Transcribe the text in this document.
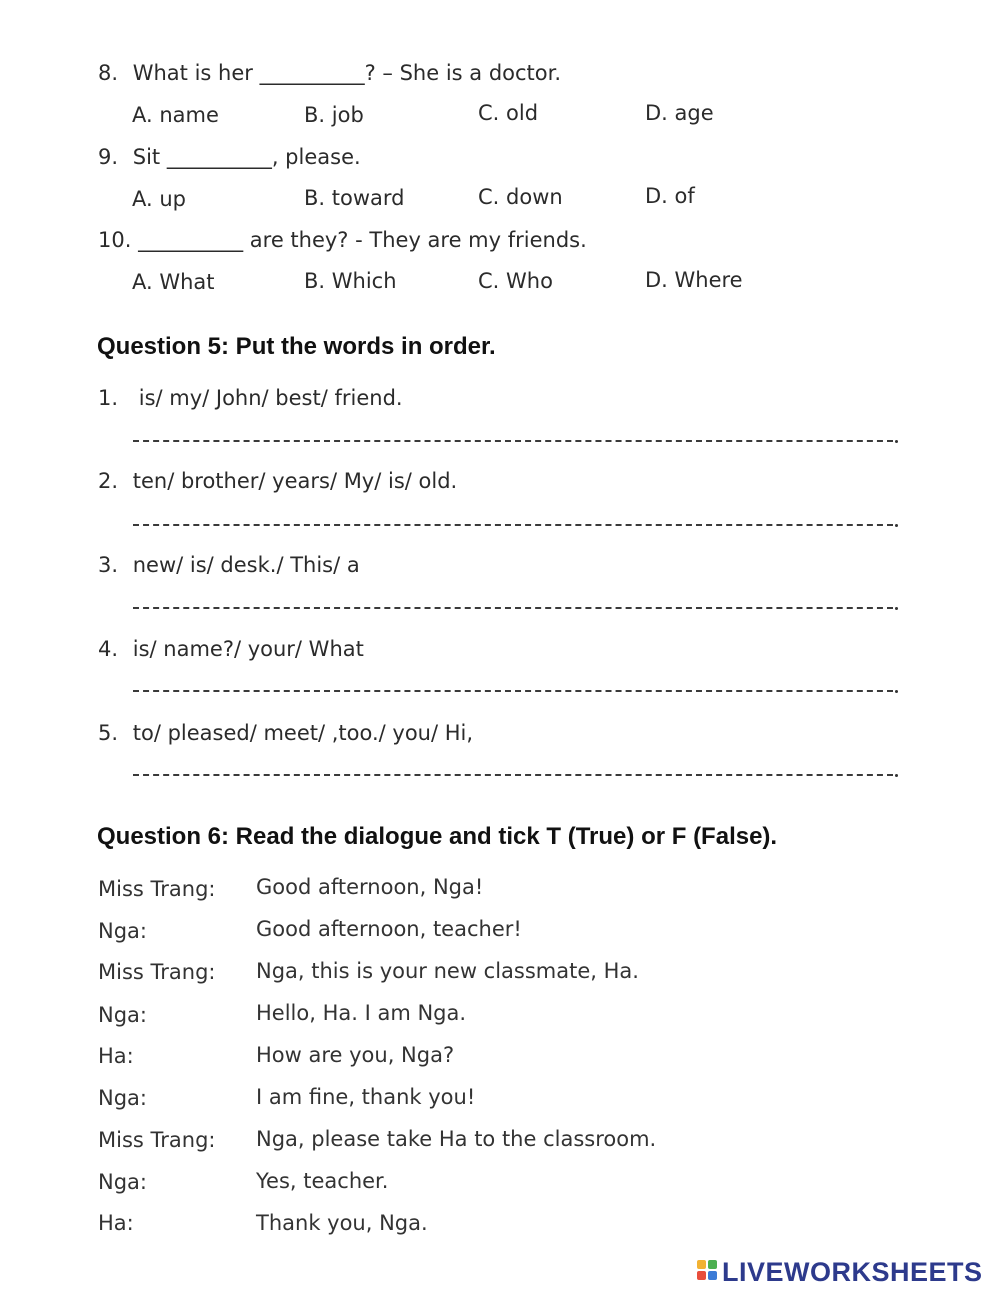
8. What is her __________? – She is a doctor.
A. name	B. job	C. old	D. age
9. Sit __________, please.
A. up	B. toward	C. down	D. of
10. __________ are they? - They are my friends.
A. What	B. Which	C. Who	D. Where
Question 5: Put the words in order.
1. is/ my/ John/ best/ friend.
2. ten/ brother/ years/ My/ is/ old.
3. new/ is/ desk./ This/ a
4. is/ name?/ your/ What
5. to/ pleased/ meet/ ,too./ you/ Hi,
Question 6: Read the dialogue and tick T (True) or F (False).
Miss Trang: Good afternoon, Nga!
Nga:	Good afternoon, teacher!
Miss Trang: Nga, this is your new classmate, Ha.
Nga:	Hello, Ha. I am Nga.
Ha:	How are you, Nga?
Nga:	I am fine, thank you!
Miss Trang: Nga, please take Ha to the classroom.
Nga:	Yes, teacher.
Ha:	Thank you, Nga.
LIVEWORKSHEETS
